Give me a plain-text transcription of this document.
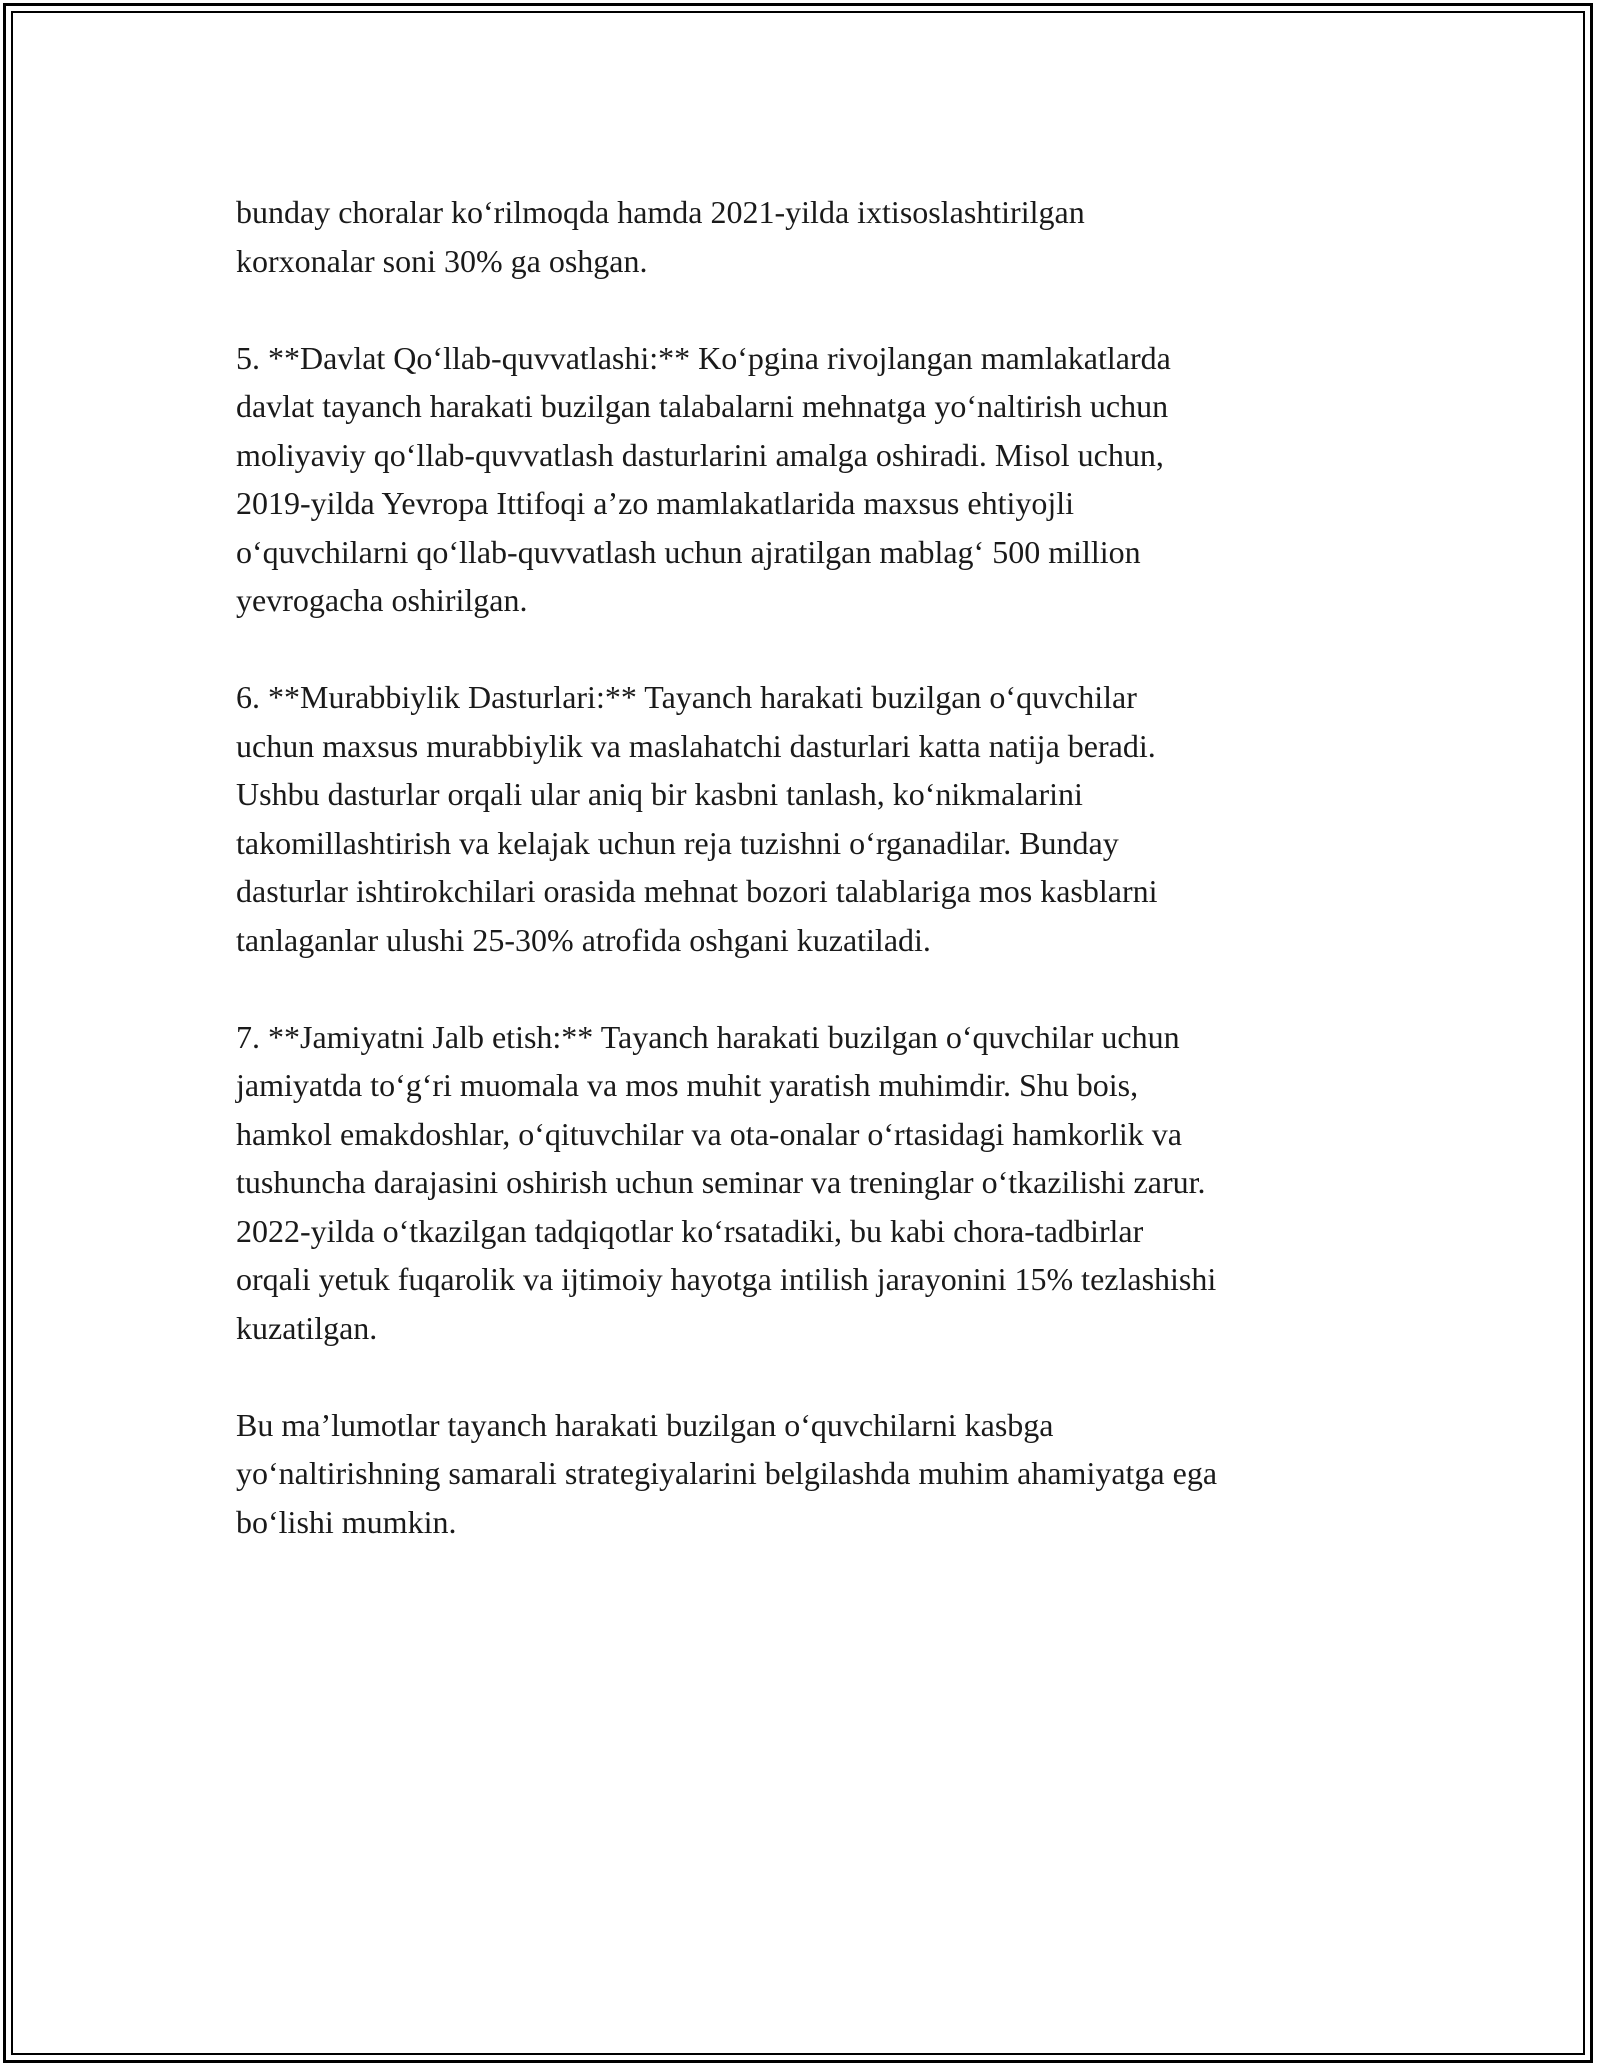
bunday choralar ko‘rilmoqda hamda 2021-yilda ixtisoslashtirilgan
korxonalar soni 30% ga oshgan.

5. **Davlat Qo‘llab-quvvatlashi:** Ko‘pgina rivojlangan mamlakatlarda
davlat tayanch harakati buzilgan talabalarni mehnatga yo‘naltirish uchun
moliyaviy qo‘llab-quvvatlash dasturlarini amalga oshiradi. Misol uchun,
2019-yilda Yevropa Ittifoqi a’zo mamlakatlarida maxsus ehtiyojli
o‘quvchilarni qo‘llab-quvvatlash uchun ajratilgan mablag‘ 500 million
yevrogacha oshirilgan.

6. **Murabbiylik Dasturlari:** Tayanch harakati buzilgan o‘quvchilar
uchun maxsus murabbiylik va maslahatchi dasturlari katta natija beradi.
Ushbu dasturlar orqali ular aniq bir kasbni tanlash, ko‘nikmalarini
takomillashtirish va kelajak uchun reja tuzishni o‘rganadilar. Bunday
dasturlar ishtirokchilari orasida mehnat bozori talablariga mos kasblarni
tanlaganlar ulushi 25-30% atrofida oshgani kuzatiladi.

7. **Jamiyatni Jalb etish:** Tayanch harakati buzilgan o‘quvchilar uchun
jamiyatda to‘g‘ri muomala va mos muhit yaratish muhimdir. Shu bois,
hamkol emakdoshlar, o‘qituvchilar va ota-onalar o‘rtasidagi hamkorlik va
tushuncha darajasini oshirish uchun seminar va treninglar o‘tkazilishi zarur.
2022-yilda o‘tkazilgan tadqiqotlar ko‘rsatadiki, bu kabi chora-tadbirlar
orqali yetuk fuqarolik va ijtimoiy hayotga intilish jarayonini 15% tezlashishi
kuzatilgan.

Bu ma’lumotlar tayanch harakati buzilgan o‘quvchilarni kasbga
yo‘naltirishning samarali strategiyalarini belgilashda muhim ahamiyatga ega
bo‘lishi mumkin.
